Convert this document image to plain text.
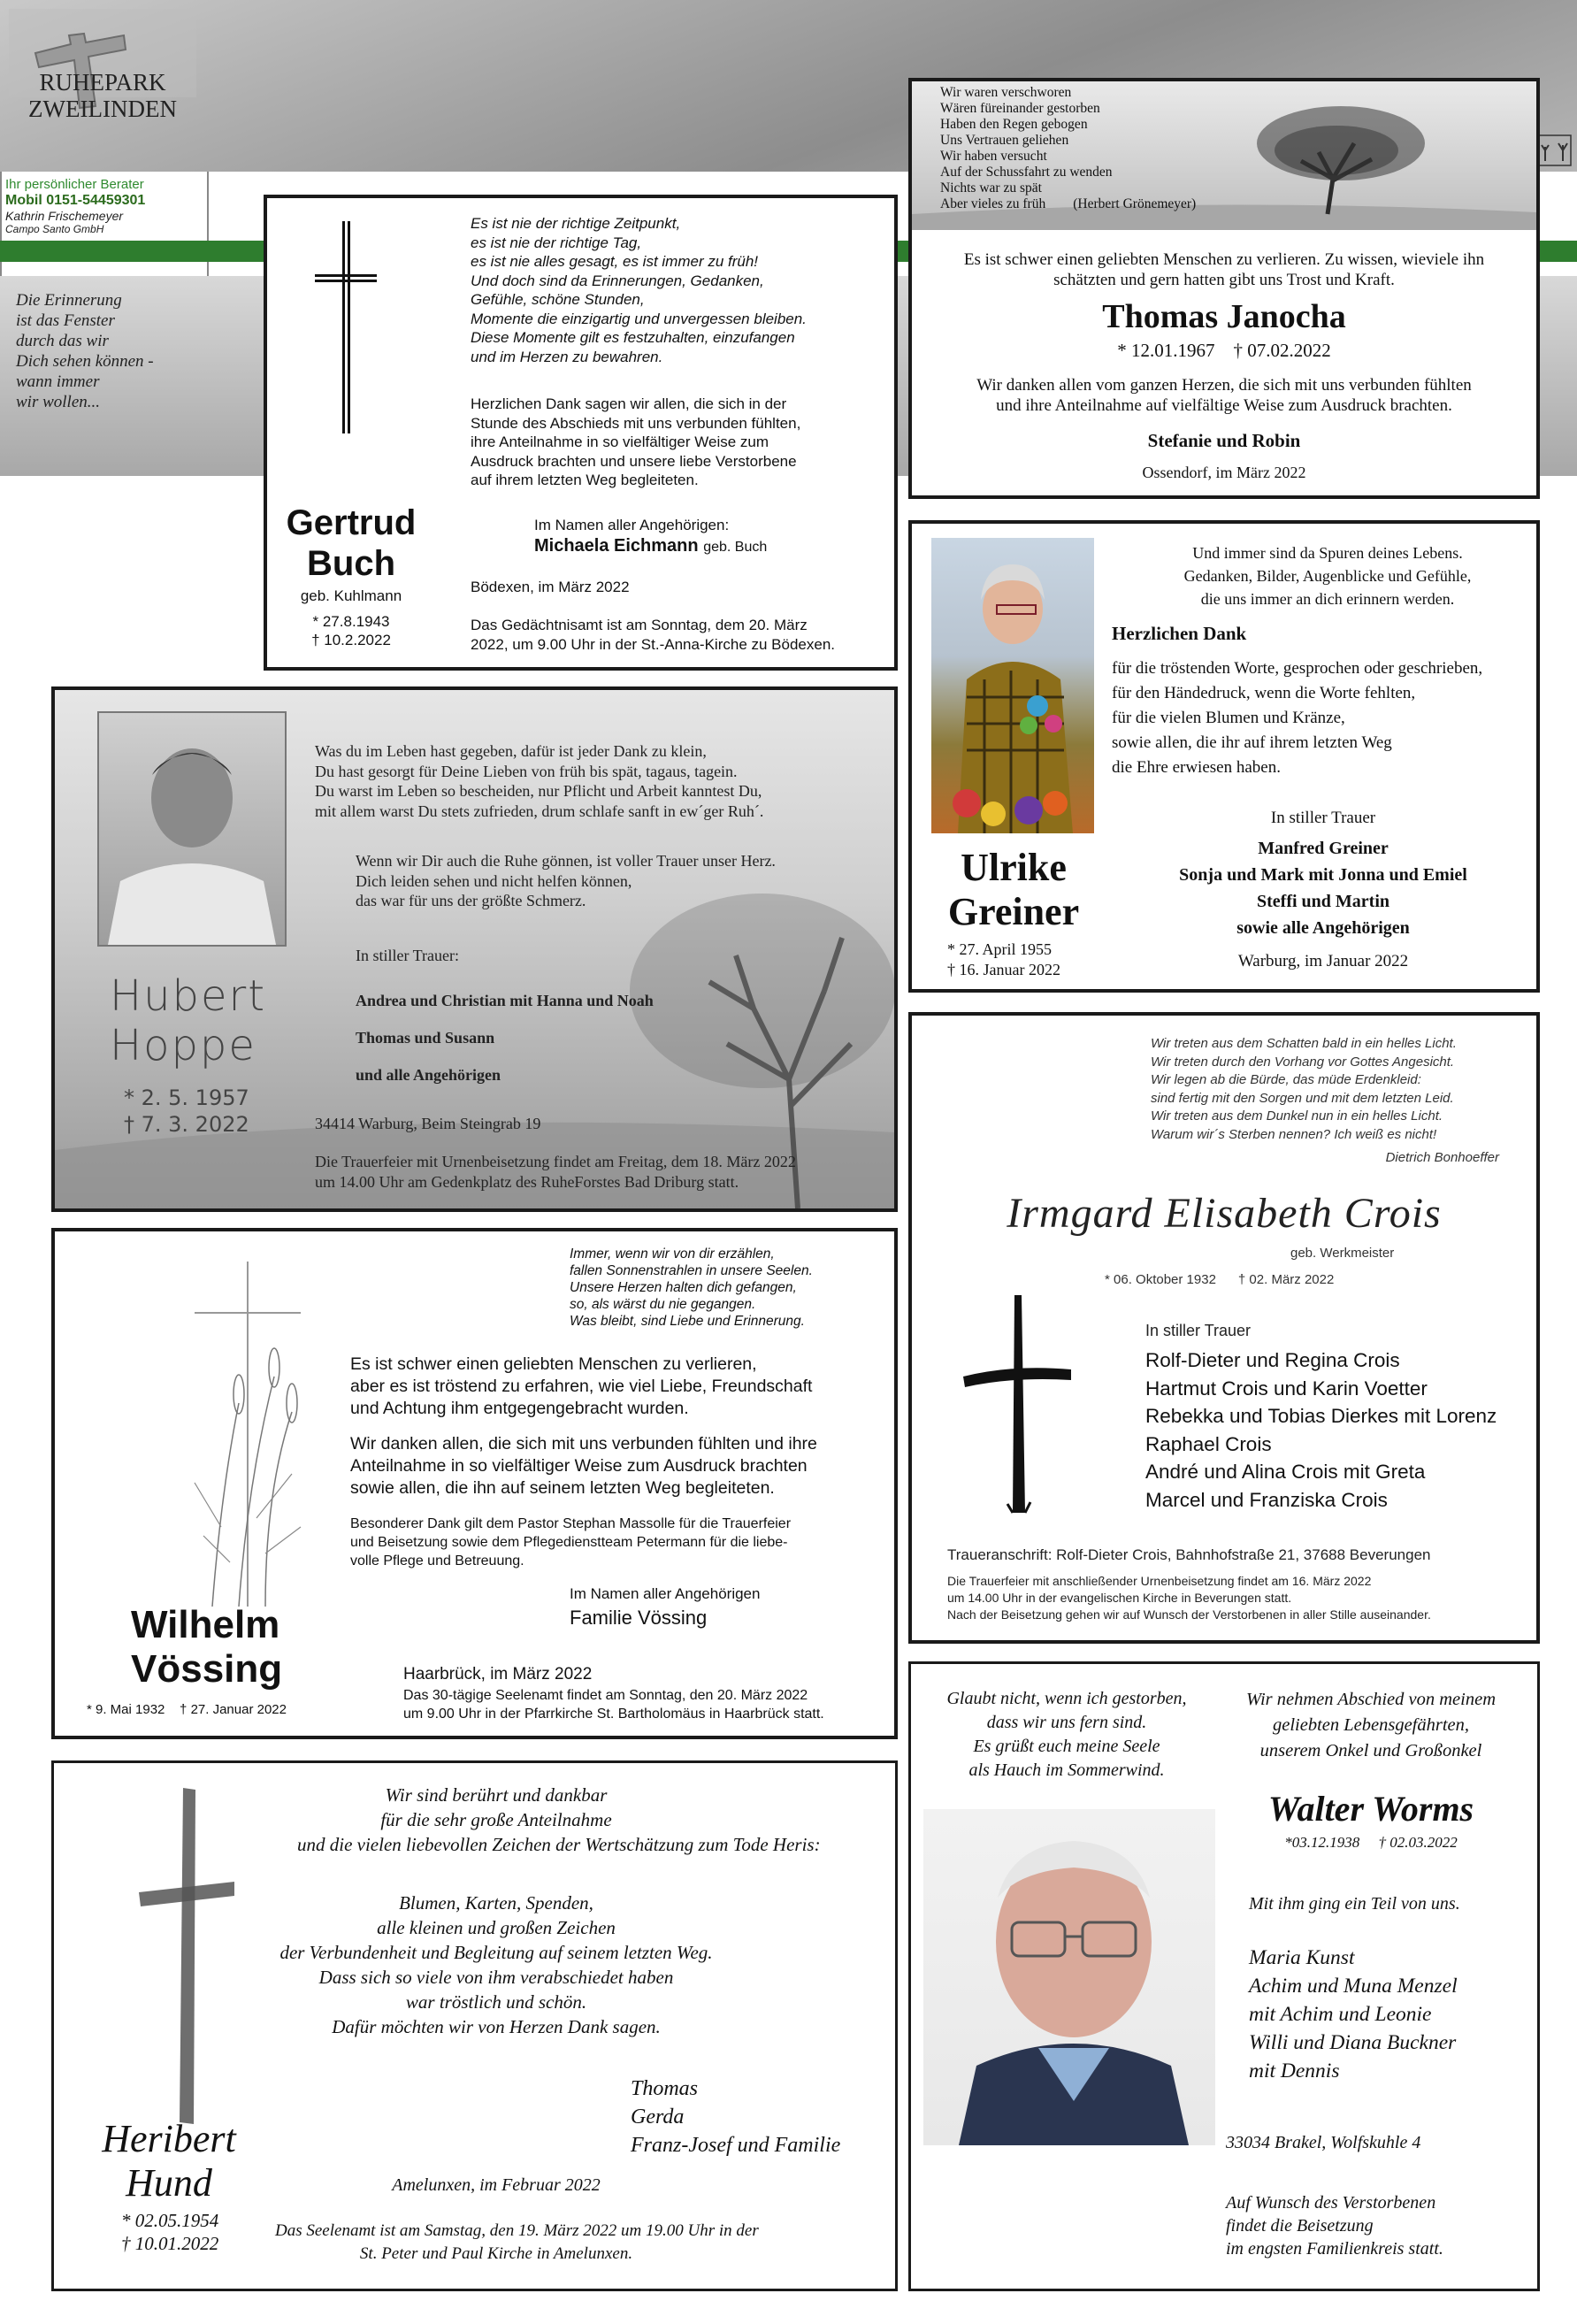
RUHEPARK
ZWEILINDEN
Ihr persönlicher Berater
Mobil 0151-54459301
Kathrin Frischemeyer
Campo Santo GmbH
Die Erinnerung
ist das Fenster
durch das wir
Dich sehen können -
wann immer
wir wollen...
Es ist nie der richtige Zeitpunkt,
es ist nie der richtige Tag,
es ist nie alles gesagt, es ist immer zu früh!
Und doch sind da Erinnerungen, Gedanken,
Gefühle, schöne Stunden,
Momente die einzigartig und unvergessen bleiben.
Diese Momente gilt es festzuhalten, einzufangen
und im Herzen zu bewahren.
Herzlichen Dank sagen wir allen, die sich in der
Stunde des Abschieds mit uns verbunden fühlten,
ihre Anteilnahme in so vielfältiger Weise zum
Ausdruck brachten und unsere liebe Verstorbene
auf ihrem letzten Weg begleiteten.
Gertrud
Buch
geb. Kuhlmann
* 27.8.1943
† 10.2.2022
Im Namen aller Angehörigen:
Michaela Eichmann geb. Buch
Bödexen, im März 2022
Das Gedächtnisamt ist am Sonntag, dem 20. März
2022, um 9.00 Uhr in der St.-Anna-Kirche zu Bödexen.
Wir waren verschworen
Wären füreinander gestorben
Haben den Regen gebogen
Uns Vertrauen geliehen
Wir haben versucht
Auf der Schussfahrt zu wenden
Nichts war zu spät
Aber vieles zu früh (Herbert Grönemeyer)
Es ist schwer einen geliebten Menschen zu verlieren. Zu wissen, wieviele ihn
schätzten und gern hatten gibt uns Trost und Kraft.
Thomas Janocha
* 12.01.1967    † 07.02.2022
Wir danken allen vom ganzen Herzen, die sich mit uns verbunden fühlten
und ihre Anteilnahme auf vielfältige Weise zum Ausdruck brachten.
Stefanie und Robin
Ossendorf, im März 2022
Ulrike
Greiner
* 27. April 1955
† 16. Januar 2022
Und immer sind da Spuren deines Lebens.
Gedanken, Bilder, Augenblicke und Gefühle,
die uns immer an dich erinnern werden.
Herzlichen Dank
für die tröstenden Worte, gesprochen oder geschrieben,
für den Händedruck, wenn die Worte fehlten,
für die vielen Blumen und Kränze,
sowie allen, die ihr auf ihrem letzten Weg
die Ehre erwiesen haben.
In stiller Trauer
Manfred Greiner
Sonja und Mark mit Jonna und Emiel
Steffi und Martin
sowie alle Angehörigen
Warburg, im Januar 2022
Was du im Leben hast gegeben, dafür ist jeder Dank zu klein,
Du hast gesorgt für Deine Lieben von früh bis spät, tagaus, tagein.
Du warst im Leben so bescheiden, nur Pflicht und Arbeit kanntest Du,
mit allem warst Du stets zufrieden, drum schlafe sanft in ew´ger Ruh´.
Wenn wir Dir auch die Ruhe gönnen, ist voller Trauer unser Herz.
Dich leiden sehen und nicht helfen können,
das war für uns der größte Schmerz.
In stiller Trauer:
Andrea und Christian mit Hanna und Noah
Thomas und Susann
und alle Angehörigen
Hubert
Hoppe
* 2. 5. 1957
† 7. 3. 2022	34414 Warburg, Beim Steingrab 19
Die Trauerfeier mit Urnenbeisetzung findet am Freitag, dem 18. März 2022
um 14.00 Uhr am Gedenkplatz des RuheForstes Bad Driburg statt.
Immer, wenn wir von dir erzählen,
fallen Sonnenstrahlen in unsere Seelen.
Unsere Herzen halten dich gefangen,
so, als wärst du nie gegangen.
Was bleibt, sind Liebe und Erinnerung.
Es ist schwer einen geliebten Menschen zu verlieren,
aber es ist tröstend zu erfahren, wie viel Liebe, Freundschaft
und Achtung ihm entgegengebracht wurden.
Wir danken allen, die sich mit uns verbunden fühlten und ihre
Anteilnahme in so vielfältiger Weise zum Ausdruck brachten
sowie allen, die ihn auf seinem letzten Weg begleiteten.
Besonderer Dank gilt dem Pastor Stephan Massolle für die Trauerfeier
und Beisetzung sowie dem Pflegedienstteam Petermann für die liebe-
volle Pflege und Betreuung.
Im Namen aller Angehörigen
Familie Vössing
Wilhelm
Vössing
* 9. Mai 1932    † 27. Januar 2022
Haarbrück, im März 2022
Das 30-tägige Seelenamt findet am Sonntag, den 20. März 2022
um 9.00 Uhr in der Pfarrkirche St. Bartholomäus in Haarbrück statt.
Wir treten aus dem Schatten bald in ein helles Licht.
Wir treten durch den Vorhang vor Gottes Angesicht.
Wir legen ab die Bürde, das müde Erdenkleid:
sind fertig mit den Sorgen und mit dem letzten Leid.
Wir treten aus dem Dunkel nun in ein helles Licht.
Warum wir´s Sterben nennen? Ich weiß es nicht!
Dietrich Bonhoeffer
Irmgard Elisabeth Crois
geb. Werkmeister
* 06. Oktober 1932      † 02. März 2022
In stiller Trauer
Rolf-Dieter und Regina Crois
Hartmut Crois und Karin Voetter
Rebekka und Tobias Dierkes mit Lorenz
Raphael Crois
André und Alina Crois mit Greta
Marcel und Franziska Crois
Traueranschrift: Rolf-Dieter Crois, Bahnhofstraße 21, 37688 Beverungen
Die Trauerfeier mit anschließender Urnenbeisetzung findet am 16. März 2022
um 14.00 Uhr in der evangelischen Kirche in Beverungen statt.
Nach der Beisetzung gehen wir auf Wunsch der Verstorbenen in aller Stille auseinander.
Wir sind berührt und dankbar
für die sehr große Anteilnahme
und die vielen liebevollen Zeichen der Wertschätzung zum Tode Heris:
Blumen, Karten, Spenden,
alle kleinen und großen Zeichen
der Verbundenheit und Begleitung auf seinem letzten Weg.
Dass sich so viele von ihm verabschiedet haben
war tröstlich und schön.
Dafür möchten wir von Herzen Dank sagen.
Thomas
Gerda
Franz-Josef und Familie
Amelunxen, im Februar 2022
Das Seelenamt ist am Samstag, den 19. März 2022 um 19.00 Uhr in der
St. Peter und Paul Kirche in Amelunxen.
Heribert
Hund
* 02.05.1954
† 10.01.2022
Glaubt nicht, wenn ich gestorben,
dass wir uns fern sind.
Es grüßt euch meine Seele
als Hauch im Sommerwind.
Wir nehmen Abschied von meinem
geliebten Lebensgefährten,
unserem Onkel und Großonkel
Walter Worms
*03.12.1938     † 02.03.2022
Mit ihm ging ein Teil von uns.
Maria Kunst
Achim und Muna Menzel
mit Achim und Leonie
Willi und Diana Buckner
mit Dennis
33034 Brakel, Wolfskuhle 4
Auf Wunsch des Verstorbenen
findet die Beisetzung
im engsten Familienkreis statt.
